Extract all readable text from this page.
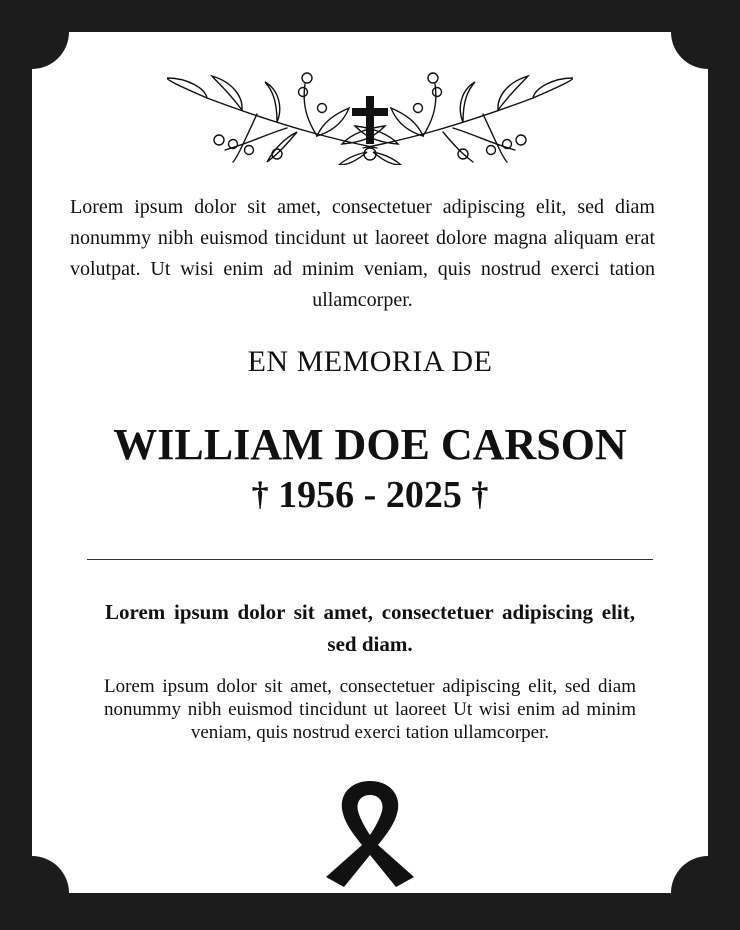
Lorem ipsum dolor sit amet, consectetuer adipiscing elit, sed diam nonummy nibh euismod tincidunt ut laoreet dolore magna aliquam erat volutpat. Ut wisi enim ad minim veniam, quis nostrud exerci tation ullamcorper.

EN MEMORIA DE

WILLIAM DOE CARSON

† 1956 - 2025 †

Lorem ipsum dolor sit amet, consectetuer adipiscing elit, sed diam.

Lorem ipsum dolor sit amet, consectetuer adipiscing elit, sed diam nonummy nibh euismod tincidunt ut laoreet Ut wisi enim ad minim veniam, quis nostrud exerci tation ullamcorper.
